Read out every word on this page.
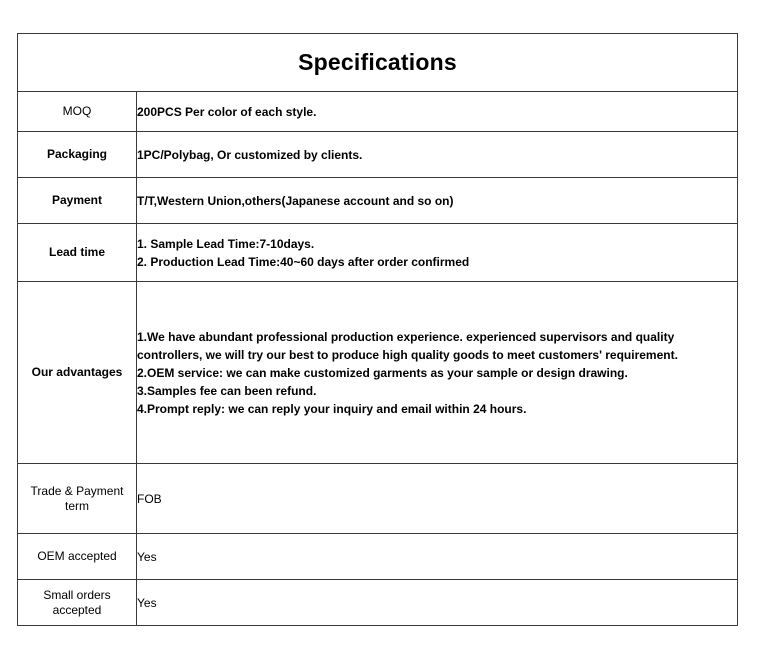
Specifications	
MOQ	200PCS Per color of each style.

Packaging	1PC/Polybag, Or customized by clients.

Payment	T/T,Western Union,others(Japanese account and so on)

Lead time	1. Sample Lead Time:7-10days.
2. Production Lead Time:40~60 days after order confirmed

Our advantages	1.We have abundant professional production experience. experienced supervisors and quality
controllers, we will try our best to produce high quality goods to meet customers' requirement.
2.OEM service: we can make customized garments as your sample or design drawing.
3.Samples fee can been refund.
4.Prompt reply: we can reply your inquiry and email within 24 hours.

Trade & Payment term	FOB

OEM accepted	Yes

Small orders accepted	Yes
